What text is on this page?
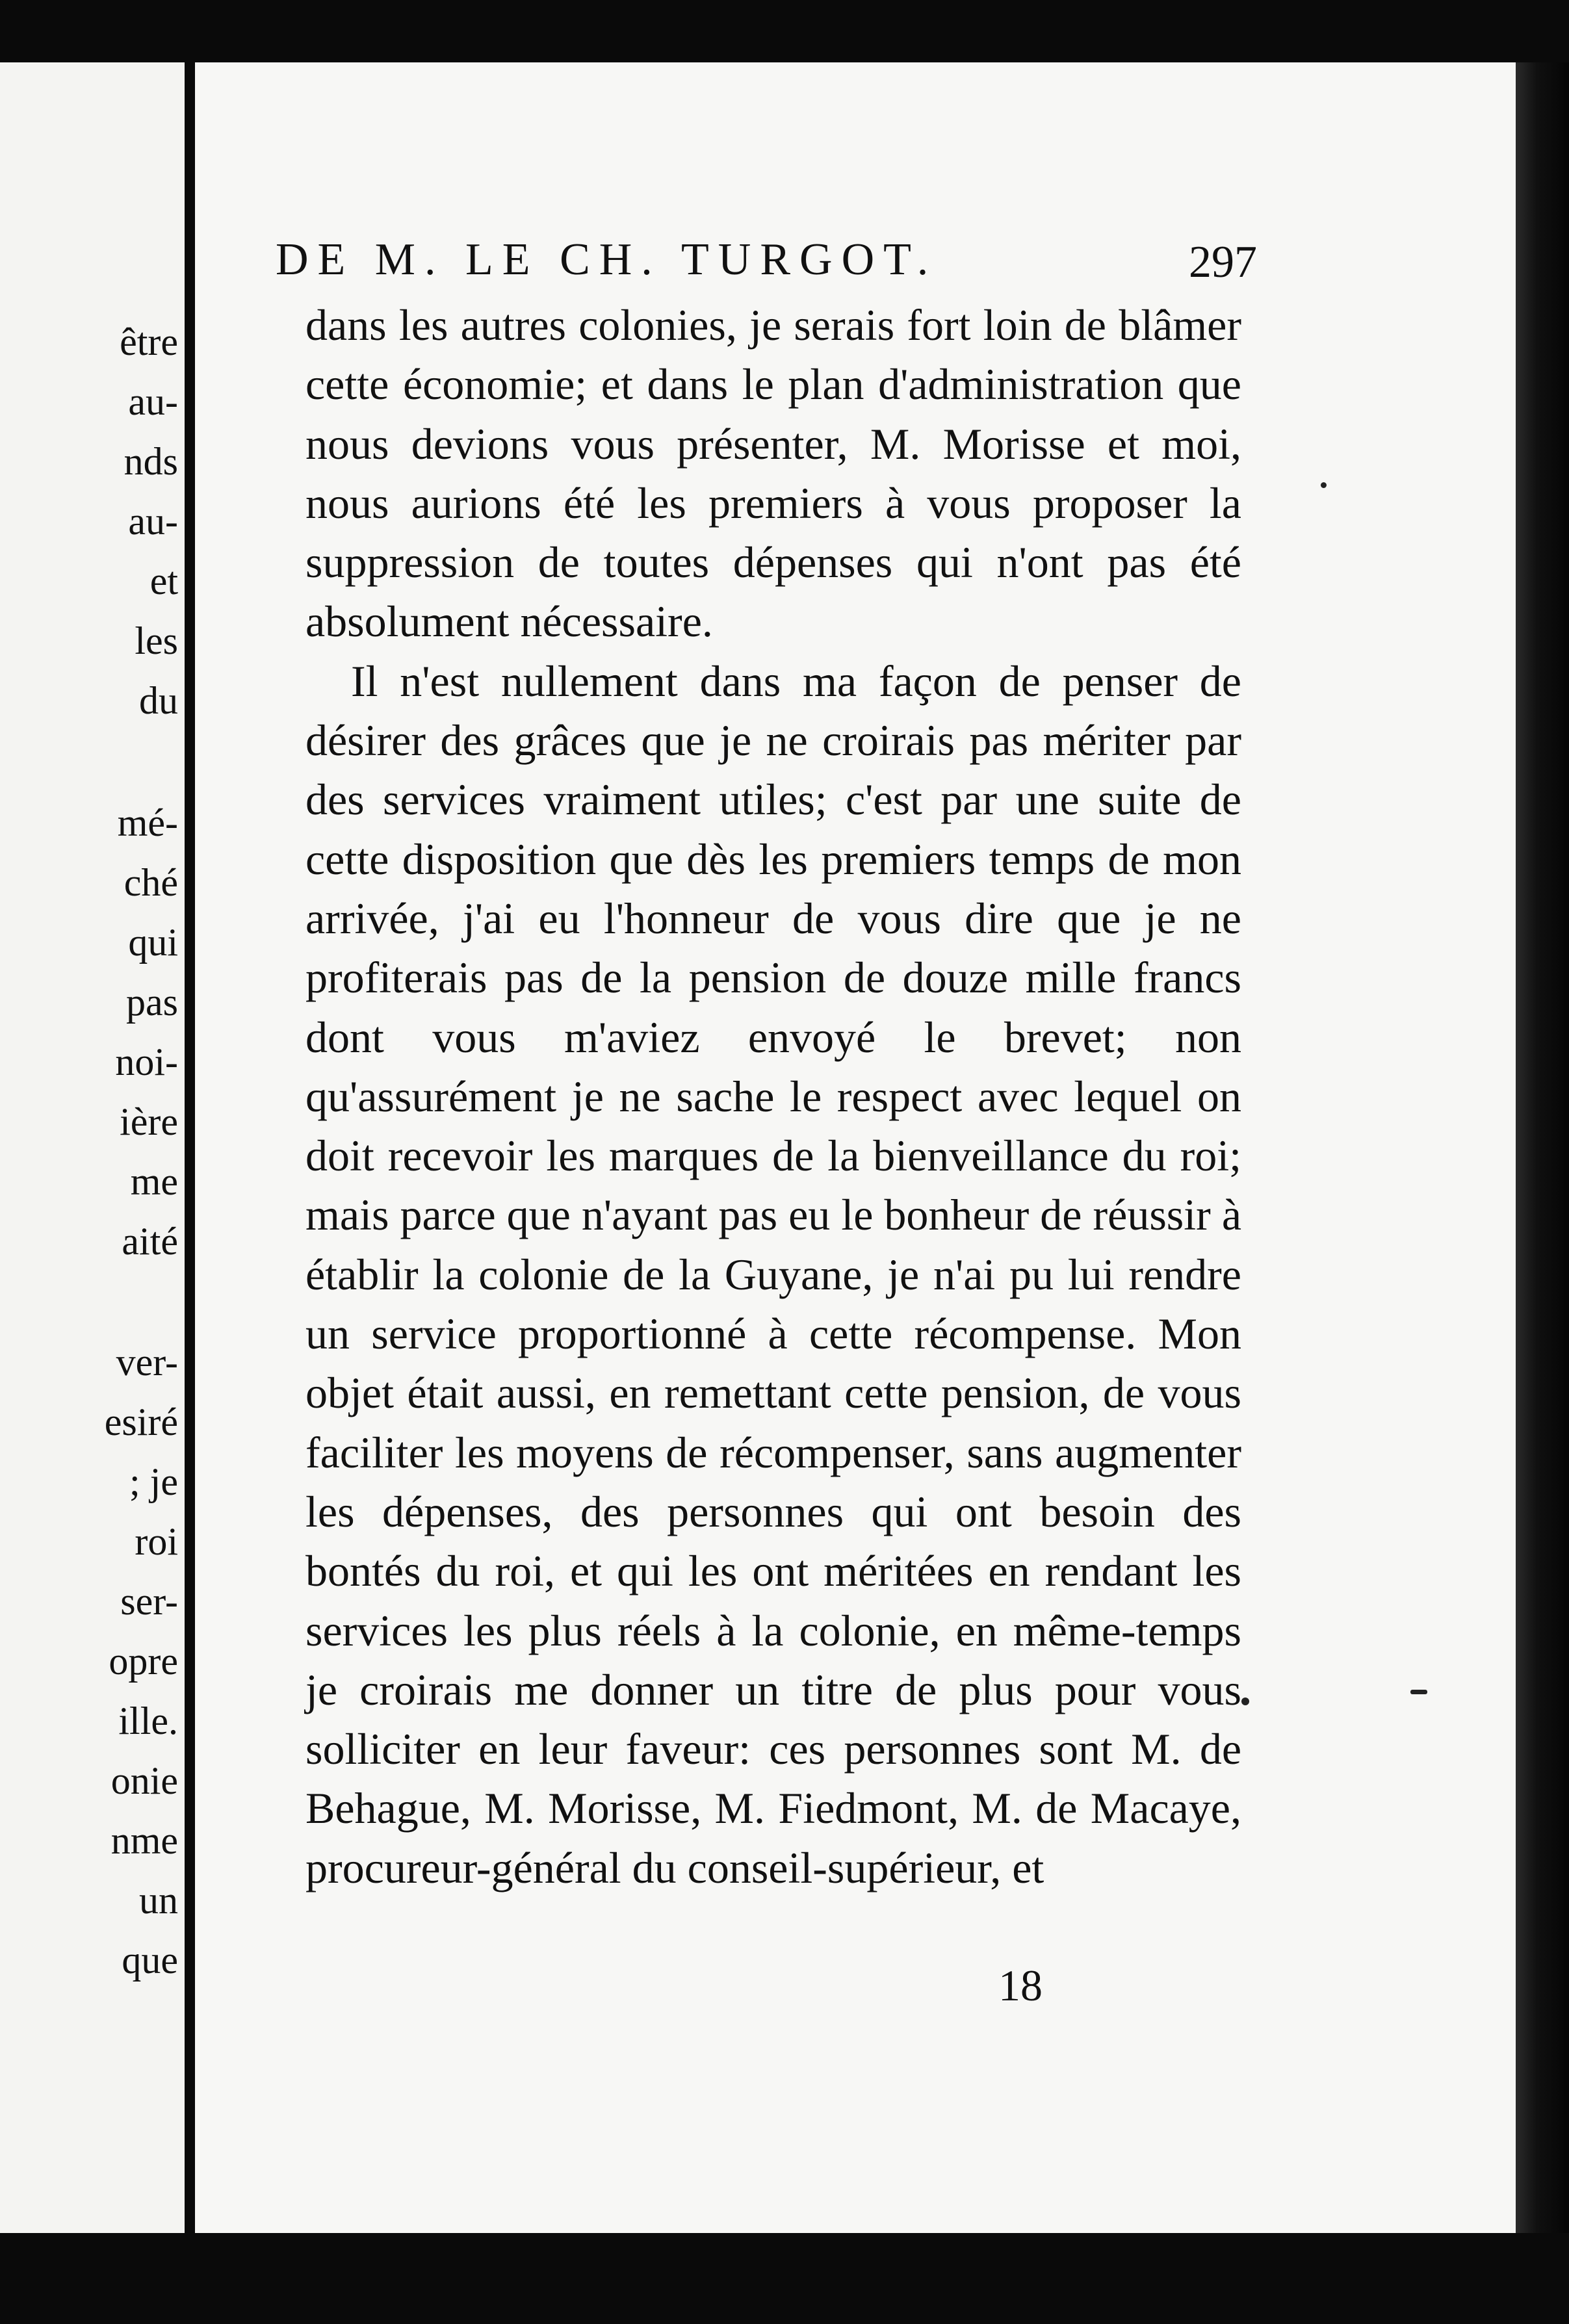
être
au-
nds
au-
et
les
du
mé-
ché
qui
pas
noi-
ière
me
aité
ver-
esiré
; je
roi
ser-
opre
ille.
onie
nme
un
que
DE M. LE CH. TURGOT.	297

dans les autres colonies, je serais fort loin de blâmer cette économie; et dans le plan d'administration que nous devions vous présenter, M. Morisse et moi, nous aurions été les premiers à vous proposer la suppression de toutes dépenses qui n'ont pas été absolument nécessaire.

Il n'est nullement dans ma façon de penser de désirer des grâces que je ne croirais pas mériter par des services vraiment utiles; c'est par une suite de cette disposition que dès les premiers temps de mon arrivée, j'ai eu l'honneur de vous dire que je ne profiterais pas de la pension de douze mille francs dont vous m'aviez envoyé le brevet; non qu'assurément je ne sache le respect avec lequel on doit recevoir les marques de la bienveillance du roi; mais parce que n'ayant pas eu le bonheur de réussir à établir la colonie de la Guyane, je n'ai pu lui rendre un service proportionné à cette récompense. Mon objet était aussi, en remettant cette pension, de vous faciliter les moyens de récompenser, sans augmenter les dépenses, des personnes qui ont besoin des bontés du roi, et qui les ont méritées en rendant les services les plus réels à la colonie, en même-temps je croirais me donner un titre de plus pour vous solliciter en leur faveur: ces personnes sont M. de Behague, M. Morisse, M. Fiedmont, M. de Macaye, procureur-général du conseil-supérieur, et

18
